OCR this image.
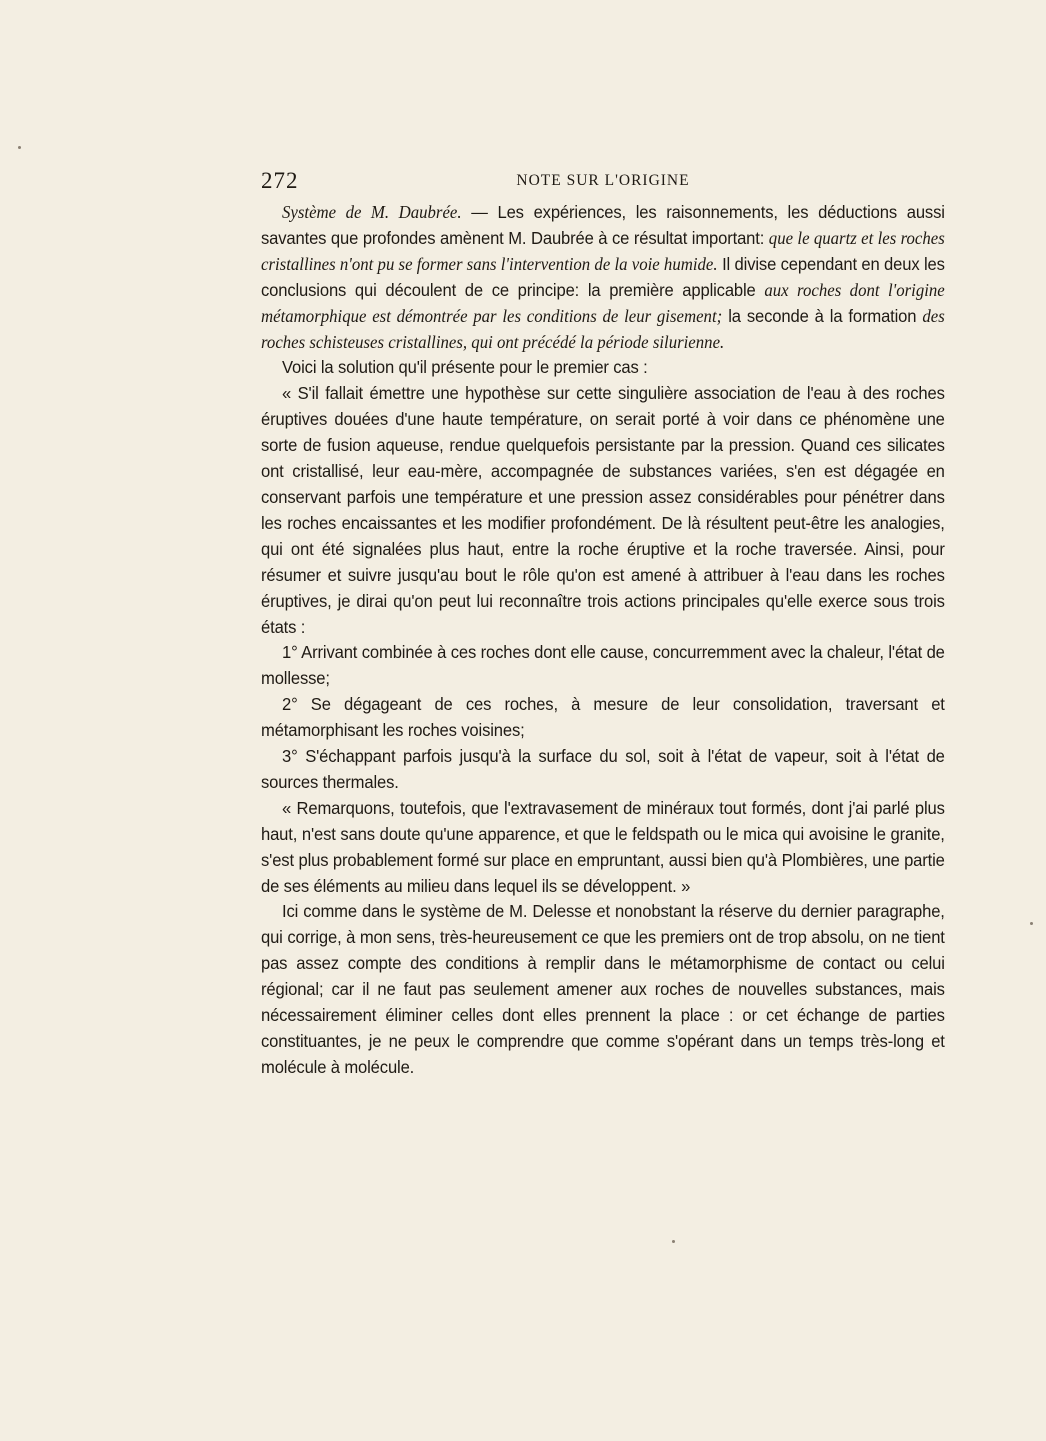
272	NOTE SUR L'ORIGINE

Système de M. Daubrée. — Les expériences, les raisonnements, les déductions aussi savantes que profondes amènent M. Daubrée à ce résultat important: que le quartz et les roches cristallines n'ont pu se former sans l'intervention de la voie humide. Il divise cependant en deux les conclusions qui découlent de ce principe: la première applicable aux roches dont l'origine métamorphique est démontrée par les conditions de leur gisement; la seconde à la formation des roches schisteuses cristallines, qui ont précédé la période silurienne.

Voici la solution qu'il présente pour le premier cas :

« S'il fallait émettre une hypothèse sur cette singulière association de l'eau à des roches éruptives douées d'une haute température, on serait porté à voir dans ce phénomène une sorte de fusion aqueuse, rendue quelquefois persistante par la pression. Quand ces silicates ont cristallisé, leur eau-mère, accompagnée de substances variées, s'en est dégagée en conservant parfois une température et une pression assez considérables pour pénétrer dans les roches encaissantes et les modifier profondément. De là résultent peut-être les analogies, qui ont été signalées plus haut, entre la roche éruptive et la roche traversée. Ainsi, pour résumer et suivre jusqu'au bout le rôle qu'on est amené à attribuer à l'eau dans les roches éruptives, je dirai qu'on peut lui reconnaître trois actions principales qu'elle exerce sous trois états :

1° Arrivant combinée à ces roches dont elle cause, concurremment avec la chaleur, l'état de mollesse;

2° Se dégageant de ces roches, à mesure de leur consolidation, traversant et métamorphisant les roches voisines;

3° S'échappant parfois jusqu'à la surface du sol, soit à l'état de vapeur, soit à l'état de sources thermales.

« Remarquons, toutefois, que l'extravasement de minéraux tout formés, dont j'ai parlé plus haut, n'est sans doute qu'une apparence, et que le feldspath ou le mica qui avoisine le granite, s'est plus probablement formé sur place en empruntant, aussi bien qu'à Plombières, une partie de ses éléments au milieu dans lequel ils se développent. »

Ici comme dans le système de M. Delesse et nonobstant la réserve du dernier paragraphe, qui corrige, à mon sens, très-heureusement ce que les premiers ont de trop absolu, on ne tient pas assez compte des conditions à remplir dans le métamorphisme de contact ou celui régional; car il ne faut pas seulement amener aux roches de nouvelles substances, mais nécessairement éliminer celles dont elles prennent la place : or cet échange de parties constituantes, je ne peux le comprendre que comme s'opérant dans un temps très-long et molécule à molécule.
